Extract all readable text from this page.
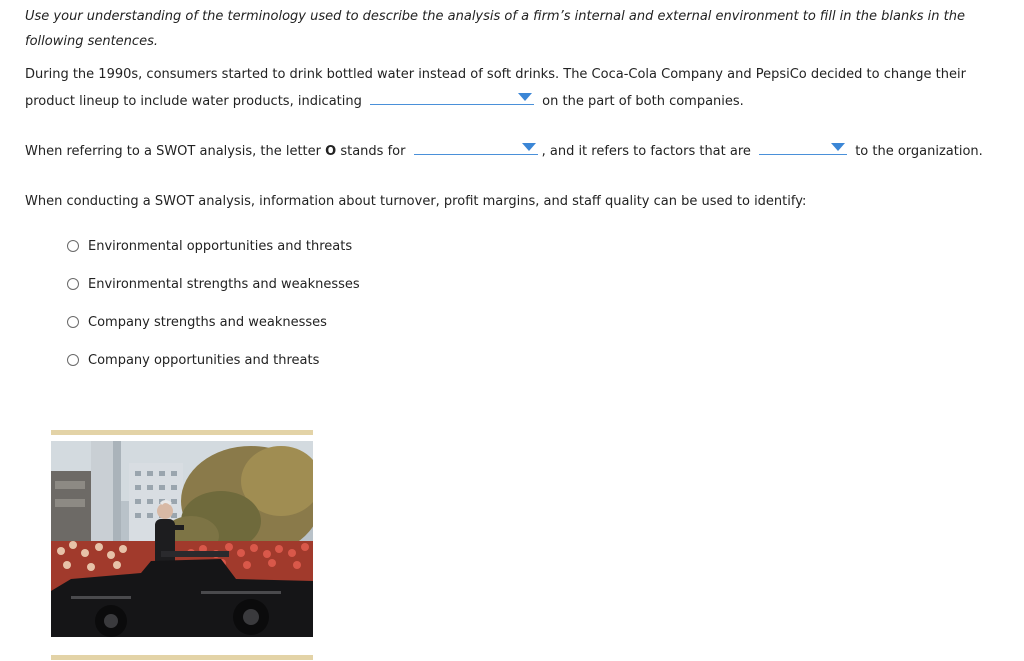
Use your understanding of the terminology used to describe the analysis of a firm’s internal and external environment to fill in the blanks in the following sentences.
During the 1990s, consumers started to drink bottled water instead of soft drinks. The Coca-Cola Company and PepsiCo decided to change their
product lineup to include water products, indicating	on the part of both companies.
When referring to a SWOT analysis, the letter O stands for	, and it refers to factors that are	to the organization.
When conducting a SWOT analysis, information about turnover, profit margins, and staff quality can be used to identify:
Environmental opportunities and threats
Environmental strengths and weaknesses
Company strengths and weaknesses
Company opportunities and threats
